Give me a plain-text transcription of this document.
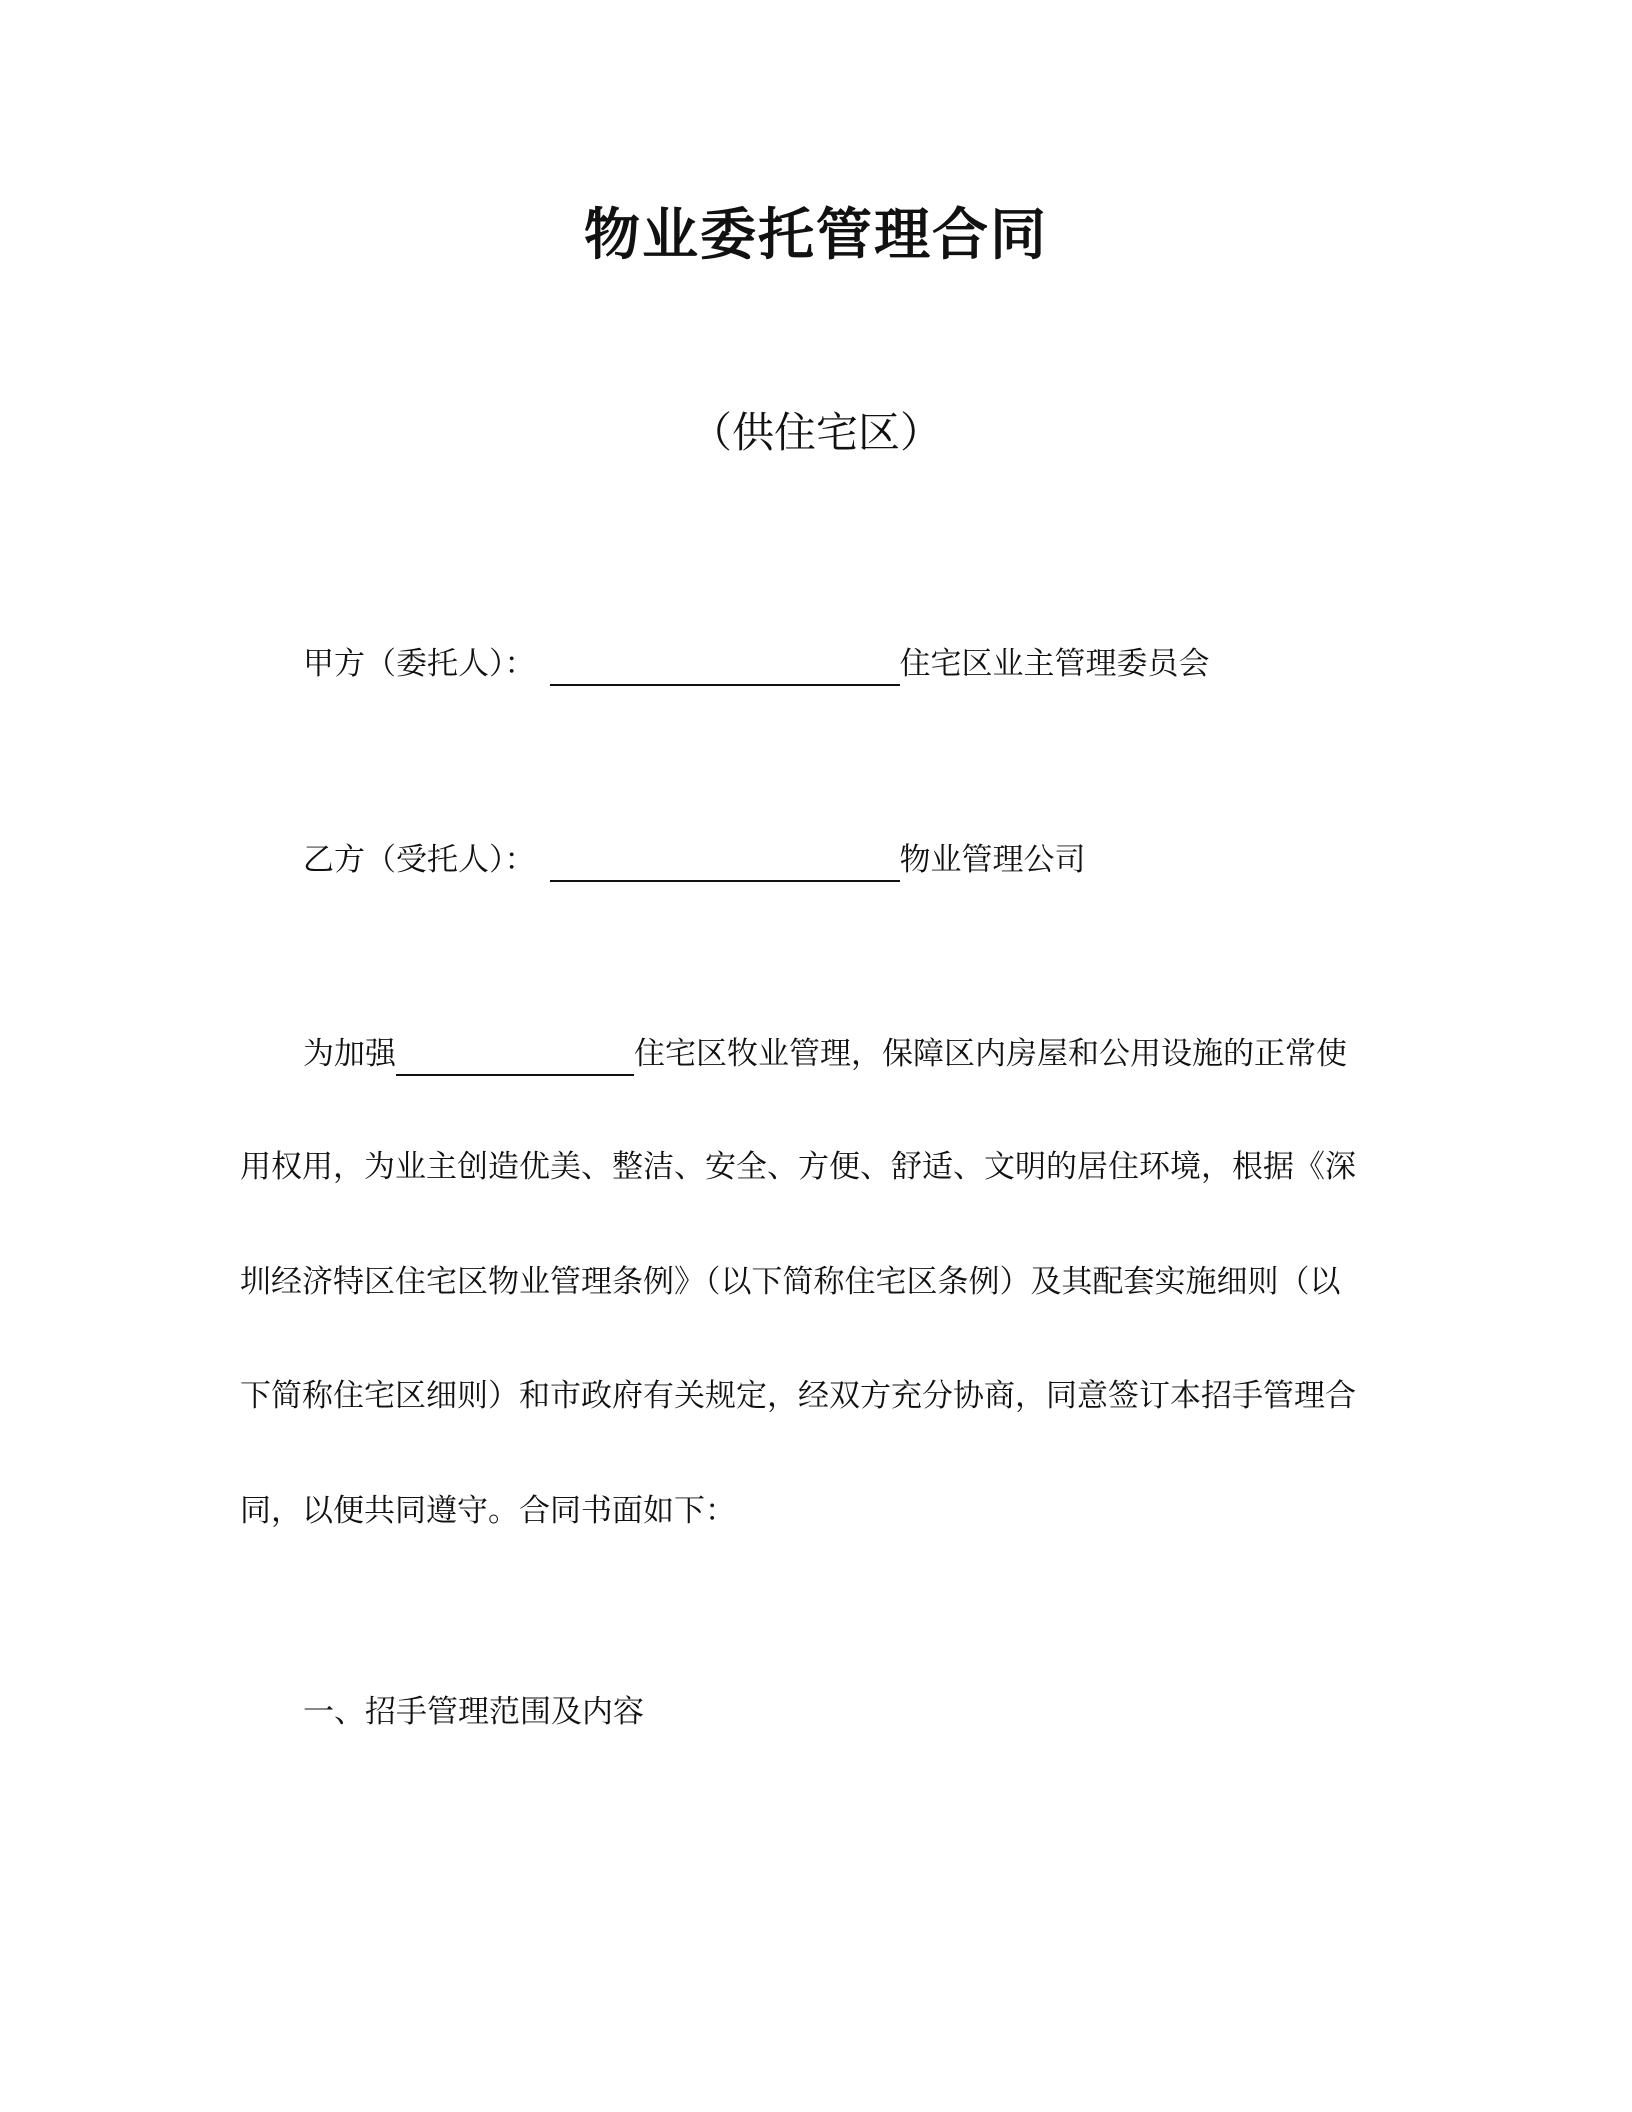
物业委托管理合同
（供住宅区）
甲方（委托人）：	住宅区业主管理委员会
乙方（受托人）：	物业管理公司
为加强	住宅区牧业管理，保障区内房屋和公用设施的正常使
用权用，为业主创造优美、整洁、安全、方便、舒适、文明的居住环境，根据《深
圳经济特区住宅区物业管理条例》（以下简称住宅区条例）及其配套实施细则（以
下简称住宅区细则）和市政府有关规定，经双方充分协商，同意签订本招手管理合
同，以便共同遵守。合同书面如下：
一、招手管理范围及内容
